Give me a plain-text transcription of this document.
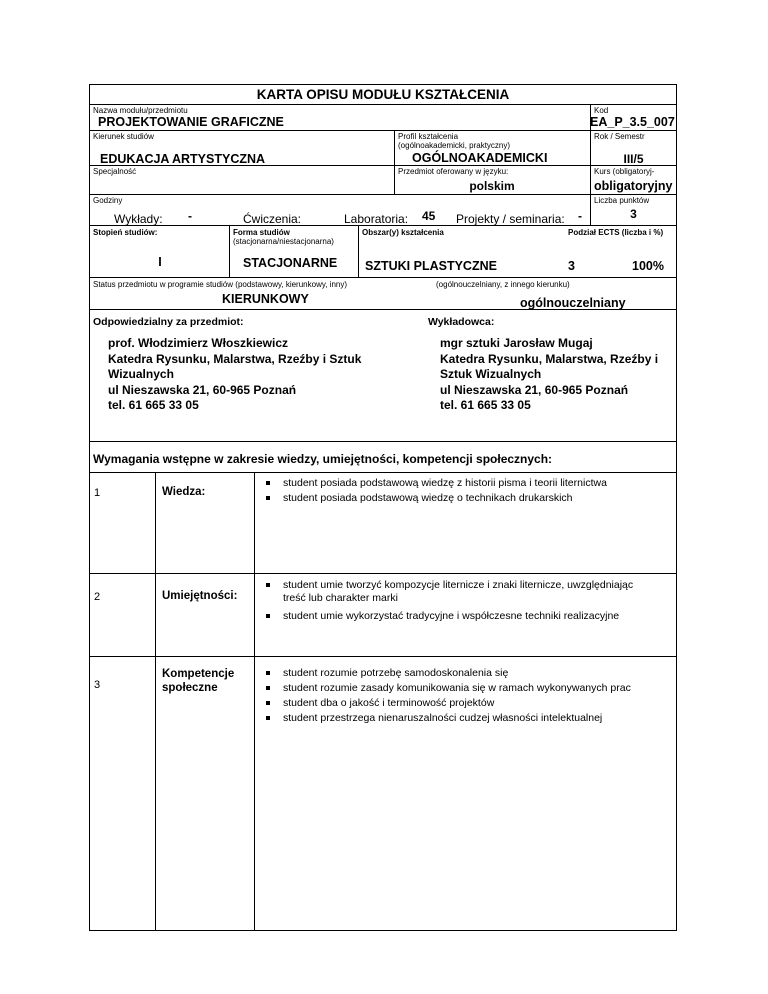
KARTA OPISU MODUŁU KSZTAŁCENIA
Nazwa modułu/przedmiotu
PROJEKTOWANIE GRAFICZNE
Kod
EA_P_3.5_007
Kierunek studiów
EDUKACJA ARTYSTYCZNA
Profil kształcenia
(ogólnoakademicki, praktyczny)
OGÓLNOAKADEMICKI
Rok / Semestr
III/5
Specjalność	Przedmiot oferowany w języku:
polskim
Kurs (obligatoryj-
obligatoryjny
Godziny
Wykłady: -	Ćwiczenia:	Laboratoria: 45 Projekty / seminaria: -
Liczba punktów
3
Stopień studiów:
I
Forma studiów
(stacjonarna/niestacjonarna)
STACJONARNE
Obszar(y) kształcenia
SZTUKI PLASTYCZNE	3
Podział ECTS (liczba i %)
100%
Status przedmiotu w programie studiów (podstawowy, kierunkowy, inny)
KIERUNKOWY
(ogólnouczelniany, z innego kierunku)
ogólnouczelniany
Odpowiedzialny za przedmiot:
prof. Włodzimierz Włoszkiewicz
Katedra Rysunku, Malarstwa, Rzeźby i Sztuk
Wizualnych
ul Nieszawska 21, 60-965 Poznań
tel. 61 665 33 05
Wykładowca:
mgr sztuki Jarosław Mugaj
Katedra Rysunku, Malarstwa, Rzeźby i
Sztuk Wizualnych
ul Nieszawska 21, 60-965 Poznań
tel. 61 665 33 05
Wymagania wstępne w zakresie wiedzy, umiejętności, kompetencji społecznych:
1	Wiedza:
student posiada podstawową wiedzę z historii pisma i teorii liternictwa
student posiada podstawową wiedzę o technikach drukarskich
2	Umiejętności:
student umie tworzyć kompozycje liternicze i znaki liternicze, uwzględniając
treść lub charakter marki
student umie wykorzystać tradycyjne i współczesne techniki realizacyjne
3
Kompetencje
społeczne
student rozumie potrzebę samodoskonalenia się
student rozumie zasady komunikowania się w ramach wykonywanych prac
student dba o jakość i terminowość projektów
student przestrzega nienaruszalności cudzej własności intelektualnej
